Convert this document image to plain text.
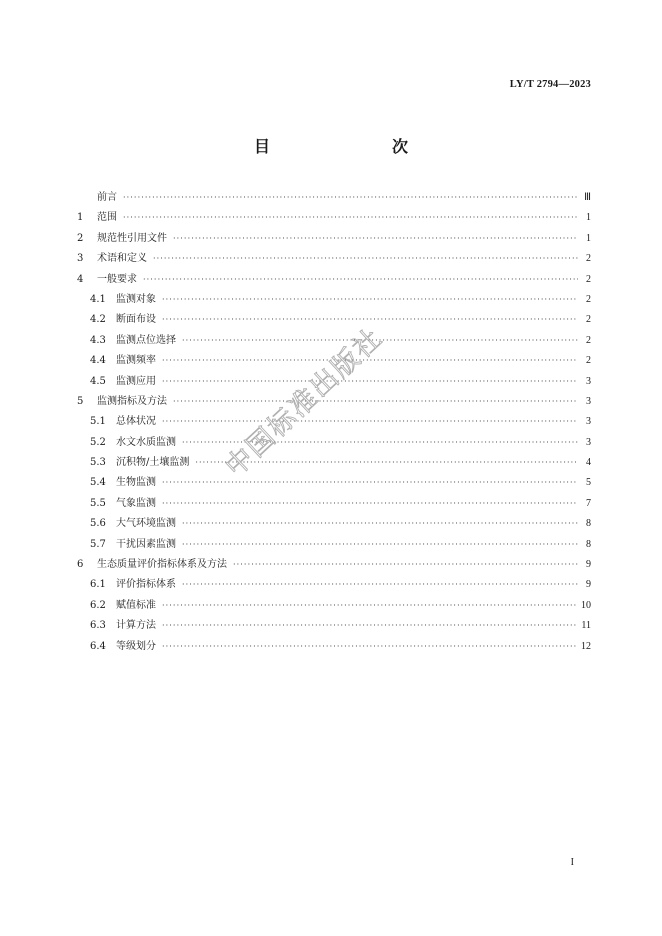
LY/T 2794—2023
目　　次
前言 ·····	Ⅲ
1	范围 ·····	1
2	规范性引用文件 ·····	1
3	术语和定义 ·····	2
4	一般要求 ·····	2
4.1	监测对象 ·····	2
4.2	断面布设 ·····	2
4.3	监测点位选择 ·····	2
4.4	监测频率 ·····	2
4.5	监测应用 ·····	3
5	监测指标及方法 ·····	3
5.1	总体状况 ·····	3
5.2	水文水质监测 ·····	3
5.3	沉积物/土壤监测 ·····	4
5.4	生物监测 ·····	5
5.5	气象监测 ·····	7
5.6	大气环境监测 ·····	8
5.7	干扰因素监测 ·····	8
6	生态质量评价指标体系及方法 ·····	9
6.1	评价指标体系 ·····	9
6.2	赋值标准 ·····	10
6.3	计算方法 ·····	11
6.4	等级划分 ·····	12
中国标准出版社
I
